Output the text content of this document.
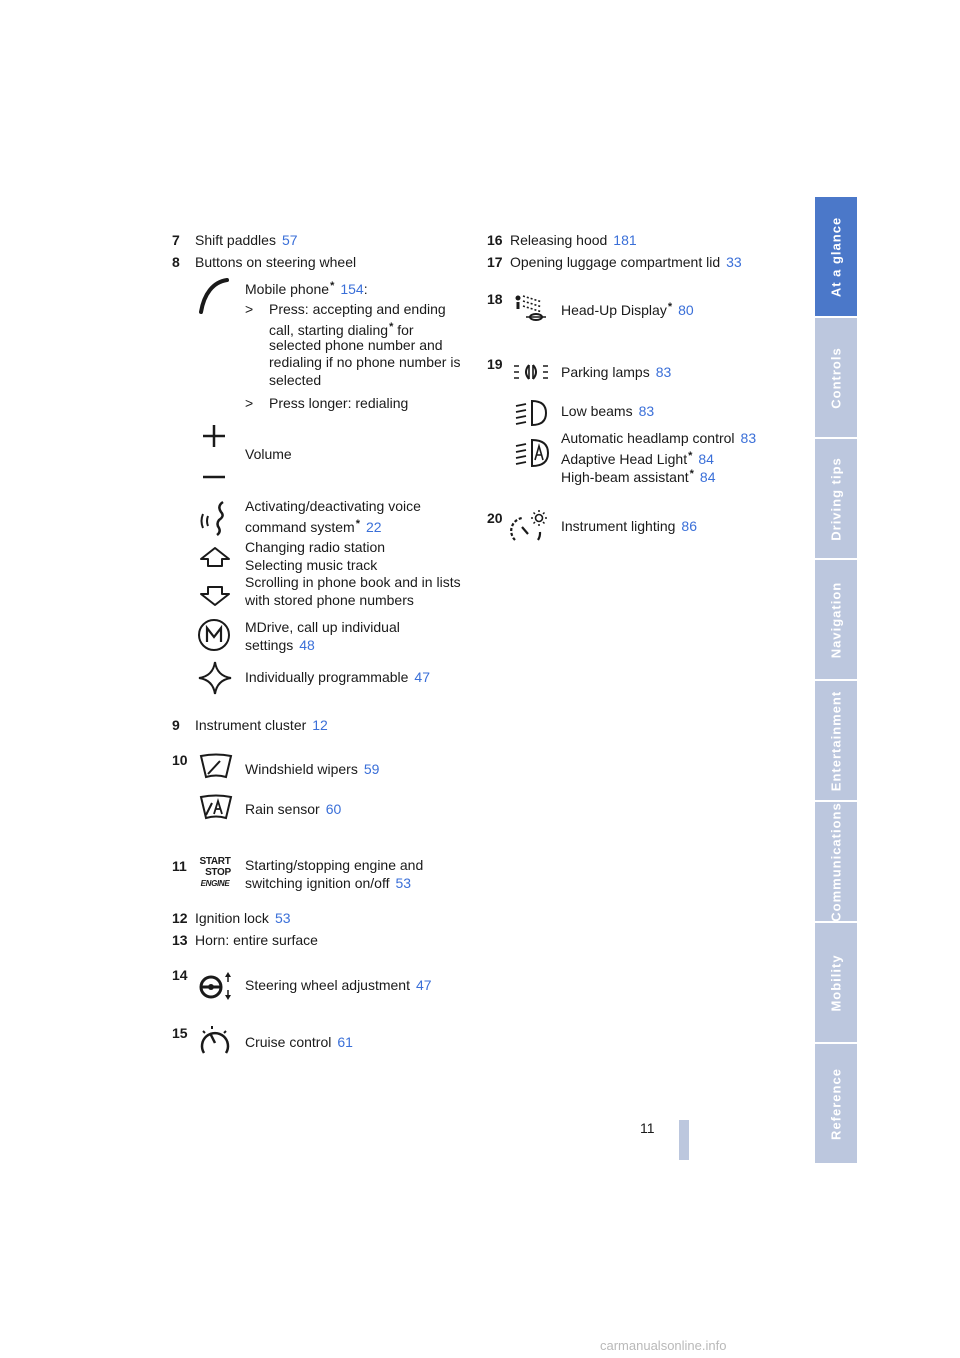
7 Shift paddles 57
8 Buttons on steering wheel
Mobile phone* 154:
> Press: accepting and ending
call, starting dialing* for
selected phone number and
redialing if no phone number is
selected
> Press longer: redialing
Volume
Activating/deactivating voice
command system* 22
Changing radio station
Selecting music track
Scrolling in phone book and in lists
with stored phone numbers
MDrive, call up individual
settings 48
Individually programmable 47
9 Instrument cluster 12
10
Windshield wipers 59
Rain sensor 60
11 START
STOP
ENGINE
Starting/stopping engine and
switching ignition on/off 53
12 Ignition lock 53
13 Horn: entire surface
14
Steering wheel adjustment 47
15
Cruise control 61
16 Releasing hood 181
17 Opening luggage compartment lid 33
18
Head-Up Display* 80
19	Parking lamps 83
Low beams 83
Automatic headlamp control 83
Adaptive Head Light* 84
High-beam assistant* 84
20	Instrument lighting 86
At a glance
Controls
Driving tips
Navigation
Entertainment
Communications
Mobility
Reference
11
carmanualsonline.info
